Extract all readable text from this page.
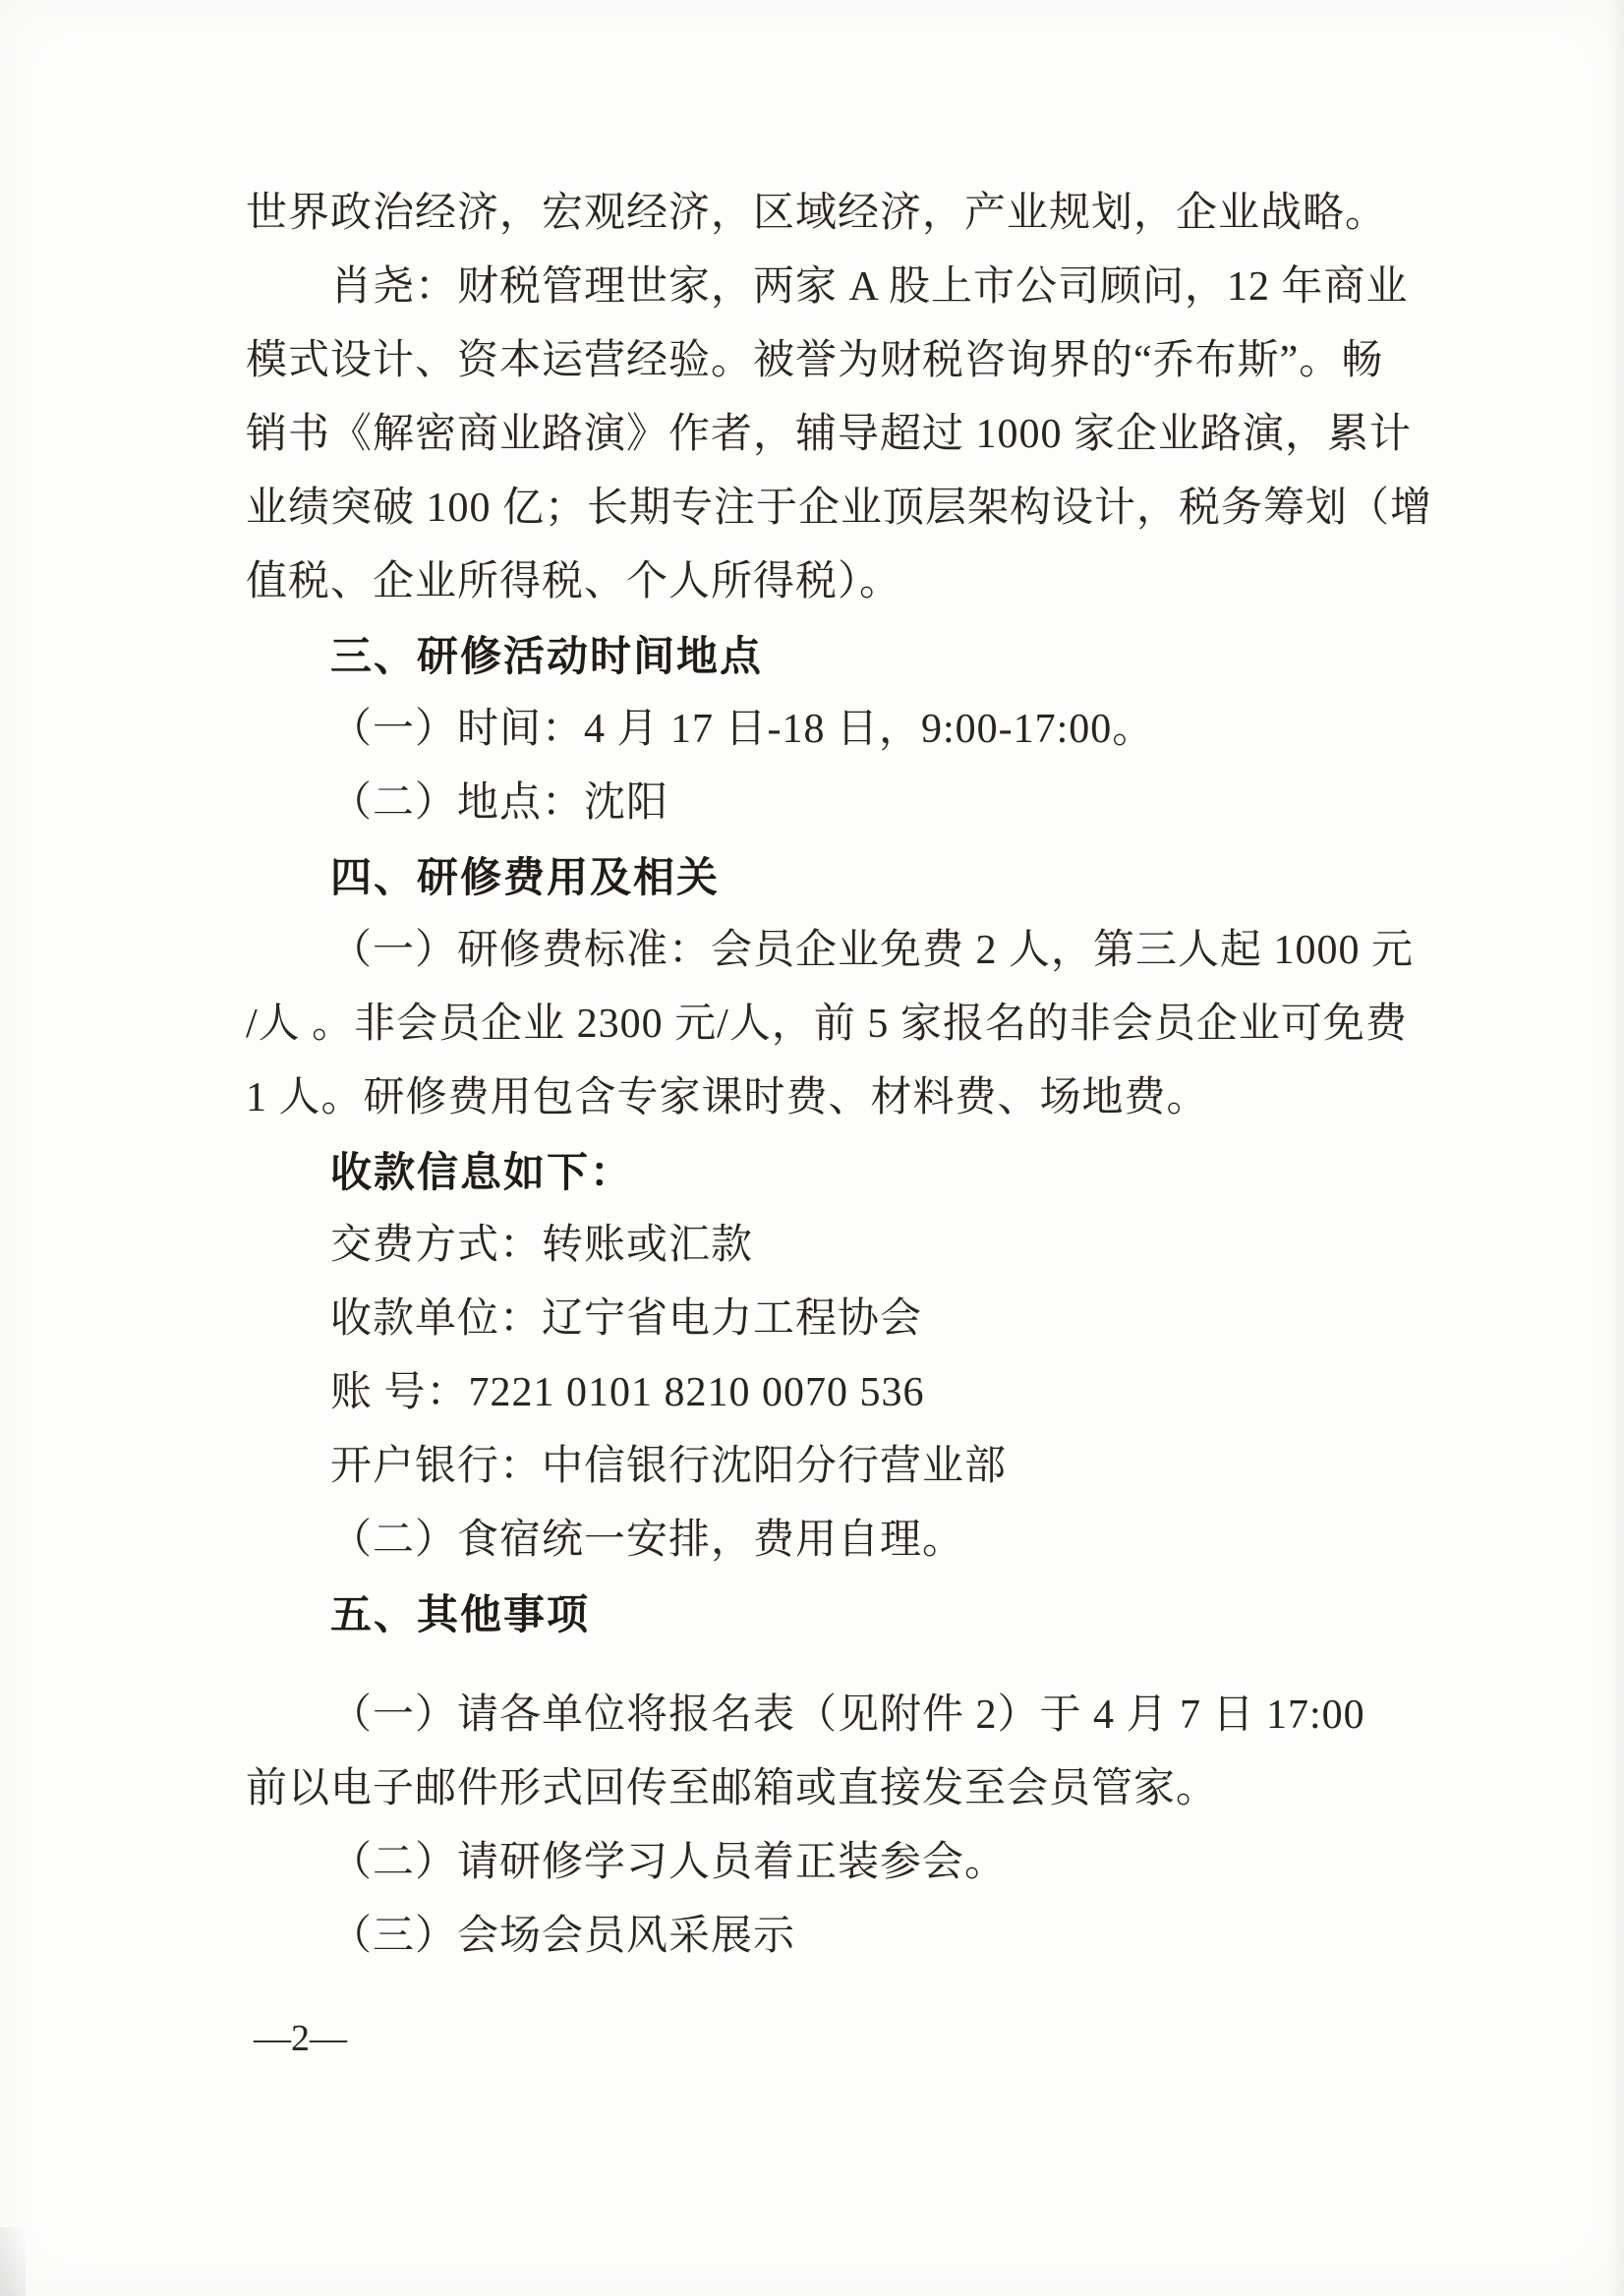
世界政治经济，宏观经济，区域经济，产业规划，企业战略。
肖尧：财税管理世家，两家 A 股上市公司顾问，12 年商业
模式设计、资本运营经验。被誉为财税咨询界的“乔布斯”。畅
销书《解密商业路演》作者，辅导超过 1000 家企业路演，累计
业绩突破 100 亿；长期专注于企业顶层架构设计，税务筹划（增
值税、企业所得税、个人所得税）。
三、研修活动时间地点
（一）时间：4 月 17 日-18 日，9:00-17:00。
（二）地点：沈阳
四、研修费用及相关
（一）研修费标准：会员企业免费 2 人，第三人起 1000 元
/人 。非会员企业 2300 元/人，前 5 家报名的非会员企业可免费
1 人。研修费用包含专家课时费、材料费、场地费。
收款信息如下：
交费方式：转账或汇款
收款单位：辽宁省电力工程协会
账 号：7221 0101 8210 0070 536
开户银行：中信银行沈阳分行营业部
（二）食宿统一安排，费用自理。
五、其他事项
（一）请各单位将报名表（见附件 2）于 4 月 7 日 17:00
前以电子邮件形式回传至邮箱或直接发至会员管家。
（二）请研修学习人员着正装参会。
（三）会场会员风采展示
—2—
